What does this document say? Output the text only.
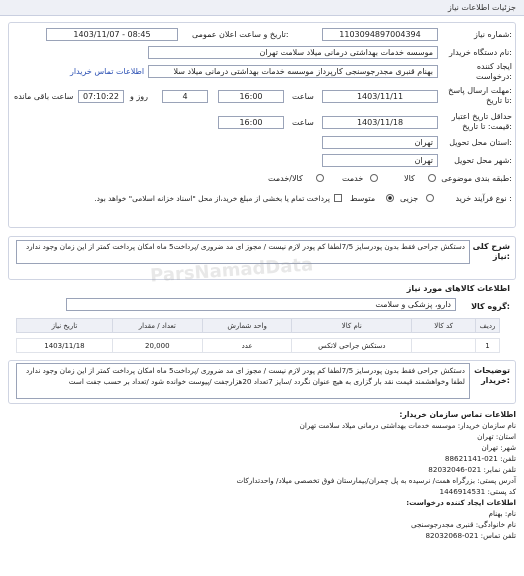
جزئیات اطلاعات نیاز
شماره نیاز:
1103094897004394
تاریخ و ساعت اعلان عمومی:
1403/11/07 - 08:45
نام دستگاه خریدار:
موسسه خدمات بهداشتی درمانی میلاد سلامت تهران
ایجاد کننده
درخواست:
بهنام قنبری مجدرجوسنجی کارپرداز موسسه خدمات بهداشتی درمانی میلاد سلا
اطلاعات تماس خریدار
مهلت ارسال پاسخ:
تا تاریخ:
1403/11/11
ساعت
16:00
4
روز و
07:10:22
ساعت باقی مانده
حداقل تاریخ اعتبار
قیمت: تا تاریخ:
1403/11/18
ساعت
16:00
استان محل تحویل:
تهران
شهر محل تحویل:
تهران
طبقه بندی موضوعی:
کالا
خدمت
کالا/خدمت
نوع فرآیند خرید :
جزیی
متوسط
پرداخت تمام یا بخشی از مبلغ خرید،از محل "اسناد خزانه اسلامی" خواهد بود.
شرح کلی
نیاز:
دستکش جراحی فقط بدون پودرسایز 7/5لطفا کم پودر لازم نیست / مجوز ای مد ضروری /پرداخت5 ماه امکان پرداخت کمتر از این زمان وجود ندارد
اطلاعات کالاهای مورد نیاز
گروه کالا:
دارو، پزشکی و سلامت
ParsNamadData
ردیف	کد کالا	نام کالا	واحد شمارش	تعداد / مقدار	تاریخ نیاز

1		دستکش جراحی لاتکس	عدد	20,000	1403/11/18
توضیحات
خریدار:
دستکش جراحی فقط بدون پودرسایز 7/5لطفا کم پودر لازم نیست / مجوز ای مد ضروری /پرداخت5 ماه امکان پرداخت کمتر از این زمان وجود ندارد لطفا وخواهشمند قیمت نقد بار گزاری به هیچ عنوان نگردد /سایز 7تعداد 20هزارجفت /پیوست خوانده شود /تعداد بر حسب جفت است
اطلاعات تماس سازمان خریدار:
نام سازمان خریدار: موسسه خدمات بهداشتی درمانی میلاد سلامت تهران
استان: تهران
شهر: تهران
تلفن: 021-88621141
تلفن نمابر: 021-82032046
آدرس پستی: بزرگراه همت/ نرسیده به پل چمران/بیمارستان فوق تخصصی میلاد/ واحدتدارکات
کد پستی: 1446914531
اطلاعات ایجاد کننده درخواست:
نام: بهنام
نام خانوادگی: قنبری مجدرجوسنجی
تلفن تماس: 021-82032068
